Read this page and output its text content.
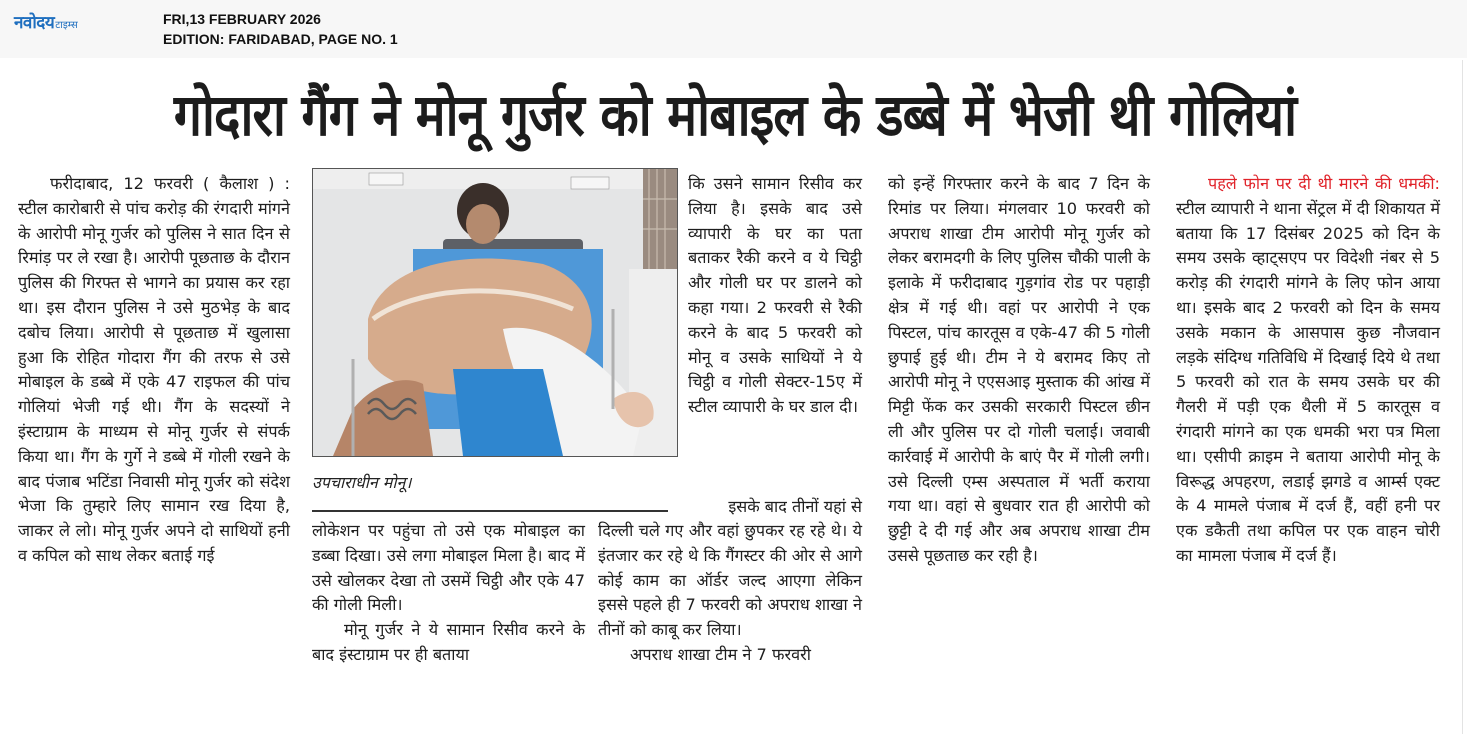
नवोदय टाइम्स	FRI,13 FEBRUARY 2026
EDITION: FARIDABAD, PAGE NO. 1
गोदारा गैंग ने मोनू गुर्जर को मोबाइल के डब्बे में भेजी थी गोलियां

फरीदाबाद, 12 फरवरी ( कैलाश ) : स्टील कारोबारी से पांच करोड़ की रंगदारी मांगने के आरोपी मोनू गुर्जर को पुलिस ने सात दिन से रिमांड़ पर ले रखा है। आरोपी पूछताछ के दौरान पुलिस की गिरफ्त से भागने का प्रयास कर रहा था। इस दौरान पुलिस ने उसे मुठभेड़ के बाद दबोच लिया। आरोपी से पूछताछ में खुलासा हुआ कि रोहित गोदारा गैंग की तरफ से उसे मोबाइल के डब्बे में एके 47 राइफल की पांच गोलियां भेजी गई थी। गैंग के सदस्यों ने इंस्टाग्राम के माध्यम से मोनू गुर्जर से संपर्क किया था। गैंग के गुर्गे ने डब्बे में गोली रखने के बाद पंजाब भटिंडा निवासी मोनू गुर्जर को संदेश भेजा कि तुम्हारे लिए सामान रख दिया है, जाकर ले लो। मोनू गुर्जर अपने दो साथियों हनी व कपिल को साथ लेकर बताई गई

उपचाराधीन मोनू।

लोकेशन पर पहुंचा तो उसे एक मोबाइल का डब्बा दिखा। उसे लगा मोबाइल मिला है। बाद में उसे खोलकर देखा तो उसमें चिट्ठी और एके 47 की गोली मिली।

मोनू गुर्जर ने ये सामान रिसीव करने के बाद इंस्टाग्राम पर ही बताया

कि उसने सामान रिसीव कर लिया है। इसके बाद उसे व्यापारी के घर का पता बताकर रैकी करने व ये चिट्ठी और गोली घर पर डालने को कहा गया। 2 फरवरी से रैकी करने के बाद 5 फरवरी को मोनू व उसके साथियों ने ये चिट्ठी व गोली सेक्टर-15ए में स्टील व्यापारी के घर डाल दी।

इसके बाद तीनों यहां से

दिल्ली चले गए और वहां छुपकर रह रहे थे। ये इंतजार कर रहे थे कि गैंगस्टर की ओर से आगे कोई काम का ऑर्डर जल्द आएगा लेकिन इससे पहले ही 7 फरवरी को अपराध शाखा ने तीनों को काबू कर लिया।

अपराध शाखा टीम ने 7 फरवरी

को इन्हें गिरफ्तार करने के बाद 7 दिन के रिमांड पर लिया। मंगलवार 10 फरवरी को अपराध शाखा टीम आरोपी मोनू गुर्जर को लेकर बरामदगी के लिए पुलिस चौकी पाली के इलाके में फरीदाबाद गुड़गांव रोड पर पहाड़ी क्षेत्र में गई थी। वहां पर आरोपी ने एक पिस्टल, पांच कारतूस व एके-47 की 5 गोली छुपाई हुई थी। टीम ने ये बरामद किए तो आरोपी मोनू ने एएसआइ मुस्ताक की आंख में मिट्टी फेंक कर उसकी सरकारी पिस्टल छीन ली और पुलिस पर दो गोली चलाई। जवाबी कार्रवाई में आरोपी के बाएं पैर में गोली लगी। उसे दिल्ली एम्स अस्पताल में भर्ती कराया गया था। वहां से बुधवार रात ही आरोपी को छुट्टी दे दी गई और अब अपराध शाखा टीम उससे पूछताछ कर रही है।

पहले फोन पर दी थी मारने की धमकी: स्टील व्यापारी ने थाना सेंट्रल में दी शिकायत में बताया कि 17 दिसंबर 2025 को दिन के समय उसके व्हाट्सएप पर विदेशी नंबर से 5 करोड़ की रंगदारी मांगने के लिए फोन आया था। इसके बाद 2 फरवरी को दिन के समय उसके मकान के आसपास कुछ नौजवान लड़के संदिग्ध गतिविधि में दिखाई दिये थे तथा 5 फरवरी को रात के समय उसके घर की गैलरी में पड़ी एक थैली में 5 कारतूस व रंगदारी मांगने का एक धमकी भरा पत्र मिला था। एसीपी क्राइम ने बताया आरोपी मोनू के विरूद्ध अपहरण, लडाई झगडे व आर्म्स एक्ट के 4 मामले पंजाब में दर्ज हैं, वहीं हनी पर एक डकैती तथा कपिल पर एक वाहन चोरी का मामला पंजाब में दर्ज हैं।
